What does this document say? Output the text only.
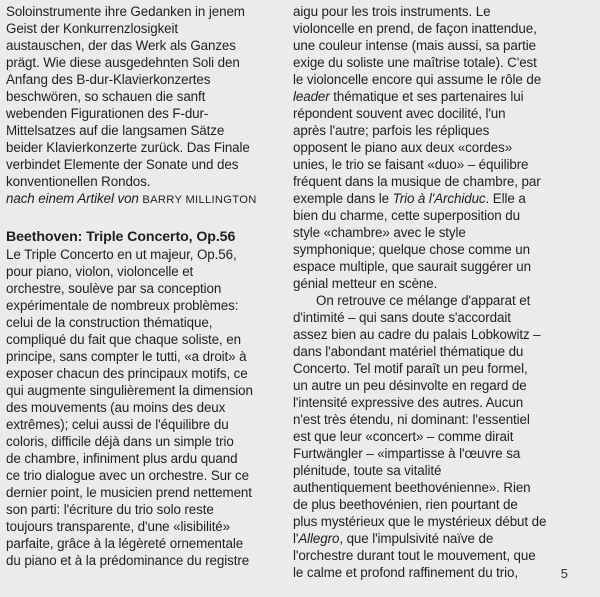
Soloinstrumente ihre Gedanken in jenem
Geist der Konkurrenzlosigkeit
austauschen, der das Werk als Ganzes
prägt. Wie diese ausgedehnten Soli den
Anfang des B-dur-Klavierkonzertes
beschwören, so schauen die sanft
webenden Figurationen des F-dur-
Mittelsatzes auf die langsamen Sätze
beider Klavierkonzerte zurück. Das Finale
verbindet Elemente der Sonate und des
konventionellen Rondos.
nach einem Artikel von BARRY MILLINGTON
Beethoven: Triple Concerto, Op.56
Le Triple Concerto en ut majeur, Op.56,
pour piano, violon, violoncelle et
orchestre, soulève par sa conception
expérimentale de nombreux problèmes:
celui de la construction thématique,
compliqué du fait que chaque soliste, en
principe, sans compter le tutti, «a droit» à
exposer chacun des principaux motifs, ce
qui augmente singulièrement la dimension
des mouvements (au moins des deux
extrêmes); celui aussi de l'équilibre du
coloris, difficile déjà dans un simple trio
de chambre, infiniment plus ardu quand
ce trio dialogue avec un orchestre. Sur ce
dernier point, le musicien prend nettement
son parti: l'écriture du trio solo reste
toujours transparente, d'une «lisibilité»
parfaite, grâce à la légèreté ornementale
du piano et à la prédominance du registre
aigu pour les trois instruments. Le
violoncelle en prend, de façon inattendue,
une couleur intense (mais aussi, sa partie
exige du soliste une maîtrise totale). C'est
le violoncelle encore qui assume le rôle de
leader thématique et ses partenaires lui
répondent souvent avec docilité, l'un
après l'autre; parfois les répliques
opposent le piano aux deux «cordes»
unies, le trio se faisant «duo» – équilibre
fréquent dans la musique de chambre, par
exemple dans le Trio à l'Archiduc. Elle a
bien du charme, cette superposition du
style «chambre» avec le style
symphonique; quelque chose comme un
espace multiple, que saurait suggérer un
génial metteur en scène.
On retrouve ce mélange d'apparat et
d'intimité – qui sans doute s'accordait
assez bien au cadre du palais Lobkowitz –
dans l'abondant matériel thématique du
Concerto. Tel motif paraît un peu formel,
un autre un peu désinvolte en regard de
l'intensité expressive des autres. Aucun
n'est très étendu, ni dominant: l'essentiel
est que leur «concert» – comme dirait
Furtwängler – «impartisse à l'œuvre sa
plénitude, toute sa vitalité
authentiquement beethovénienne». Rien
de plus beethovénien, rien pourtant de
plus mystérieux que le mystérieux début de
l'Allegro, que l'impulsivité naïve de
l'orchestre durant tout le mouvement, que
le calme et profond raffinement du trio,	5
